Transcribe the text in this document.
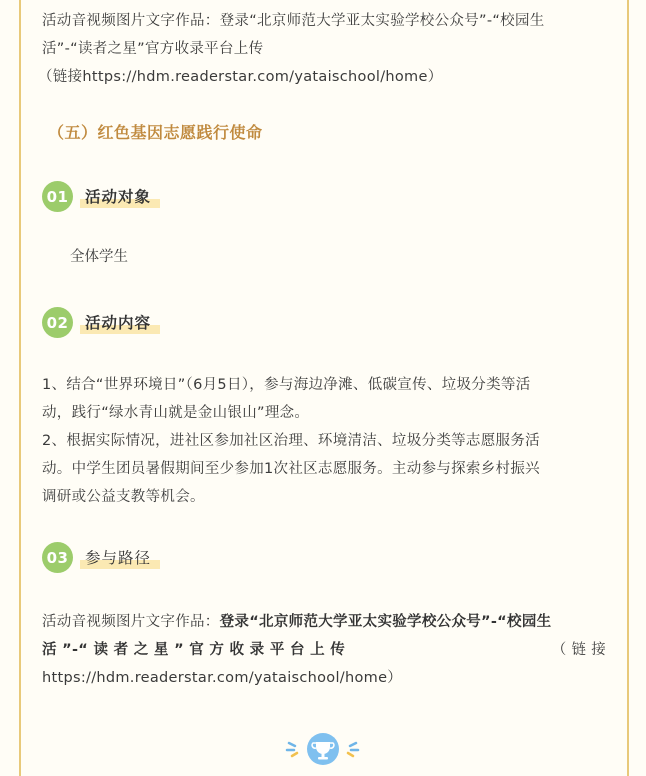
活动音视频图片文字作品：登录“北京师范大学亚太实验学校公众号”-“校园生

活”-“读者之星”官方收录平台上传

（链接https://hdm.readerstar.com/yataischool/home）

（五）红色基因志愿践行使命
01 活动对象
全体学生
02 活动内容

1、结合“世界环境日”（6月5日），参与海边净滩、低碳宣传、垃圾分类等活

动，践行“绿水青山就是金山银山”理念。

2、根据实际情况，进社区参加社区治理、环境清洁、垃圾分类等志愿服务活

动。中学生团员暑假期间至少参加1次社区志愿服务。主动参与探索乡村振兴

调研或公益支教等机会。

03 参与路径

活动音视频图片文字作品：登录“北京师范大学亚太实验学校公众号”-“校园生

活 ”-“ 读 者 之 星 ” 官 方 收 录 平 台 上 传	（ 链 接

https://hdm.readerstar.com/yataischool/home）
